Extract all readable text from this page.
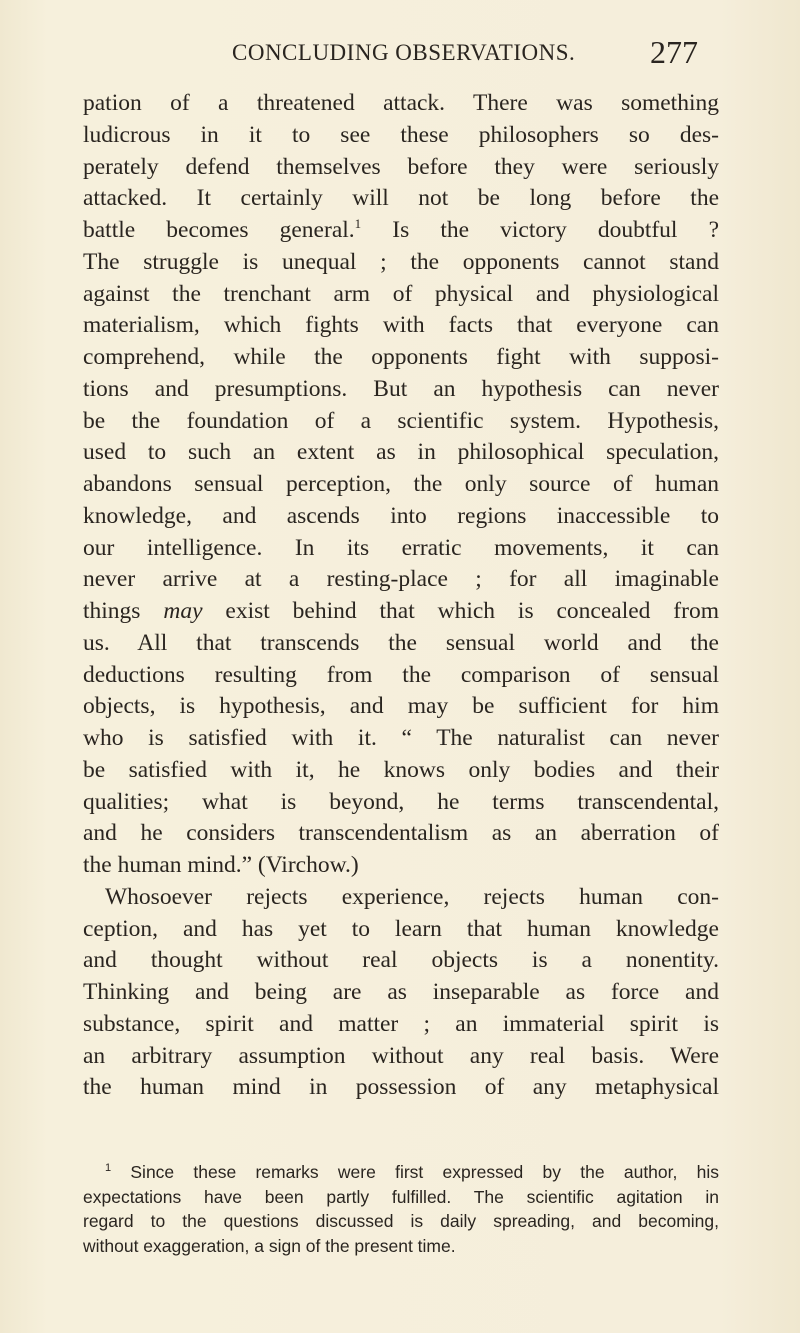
CONCLUDING OBSERVATIONS. 277
pation of a threatened attack. There was something
ludicrous in it to see these philosophers so des-
perately defend themselves before they were seriously
attacked. It certainly will not be long before the
battle becomes general.$^1$ Is the victory doubtful ?
The struggle is unequal ; the opponents cannot stand
against the trenchant arm of physical and physiological
materialism, which fights with facts that everyone can
comprehend, while the opponents fight with supposi-
tions and presumptions. But an hypothesis can never
be the foundation of a scientific system. Hypothesis,
used to such an extent as in philosophical speculation,
abandons sensual perception, the only source of human
knowledge, and ascends into regions inaccessible to
our intelligence. In its erratic movements, it can
never arrive at a resting-place ; for all imaginable
things may exist behind that which is concealed from
us. All that transcends the sensual world and the
deductions resulting from the comparison of sensual
objects, is hypothesis, and may be sufficient for him
who is satisfied with it. “ The naturalist can never
be satisfied with it, he knows only bodies and their
qualities; what is beyond, he terms transcendental,
and he considers transcendentalism as an aberration of
the human mind.” (Virchow.)
Whosoever rejects experience, rejects human con-
ception, and has yet to learn that human knowledge
and thought without real objects is a nonentity.
Thinking and being are as inseparable as force and
substance, spirit and matter ; an immaterial spirit is
an arbitrary assumption without any real basis. Were
the human mind in possession of any metaphysical
$^1$ Since these remarks were first expressed by the author, his
expectations have been partly fulfilled. The scientific agitation in
regard to the questions discussed is daily spreading, and becoming,
without exaggeration, a sign of the present time.
